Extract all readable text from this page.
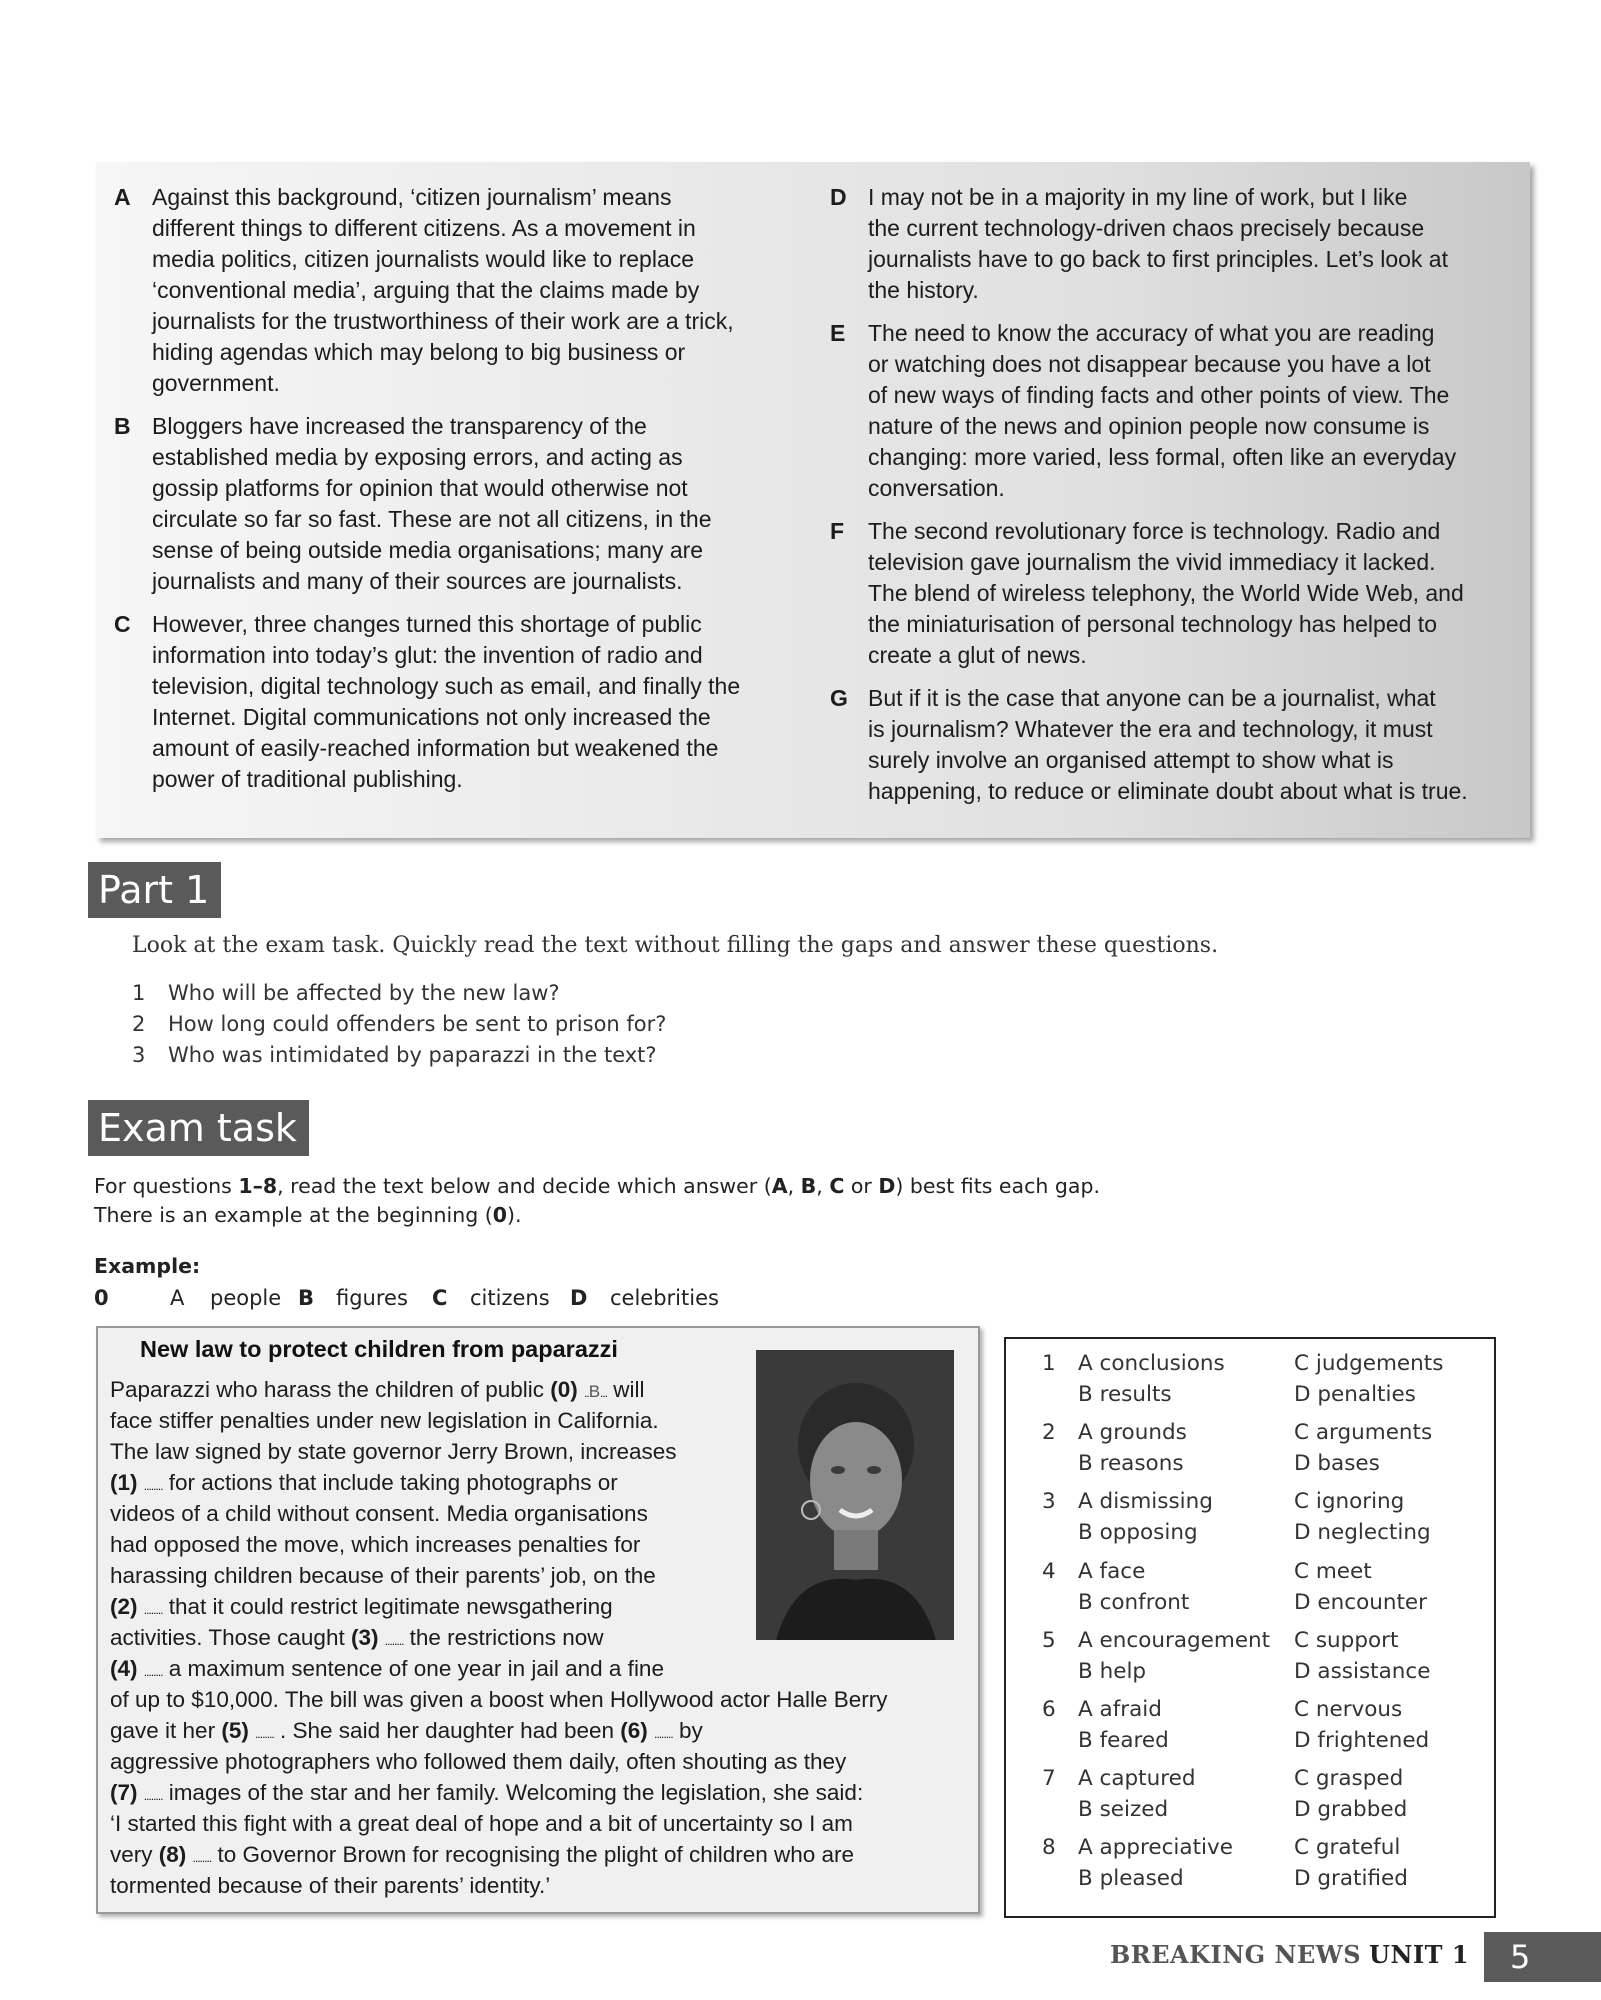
A Against this background, ‘citizen journalism’ means
different things to different citizens. As a movement in
media politics, citizen journalists would like to replace
‘conventional media’, arguing that the claims made by
journalists for the trustworthiness of their work are a trick,
hiding agendas which may belong to big business or
government.
B Bloggers have increased the transparency of the
established media by exposing errors, and acting as
gossip platforms for opinion that would otherwise not
circulate so far so fast. These are not all citizens, in the
sense of being outside media organisations; many are
journalists and many of their sources are journalists.
C However, three changes turned this shortage of public
information into today’s glut: the invention of radio and
television, digital technology such as email, and finally the
Internet. Digital communications not only increased the
amount of easily-reached information but weakened the
power of traditional publishing.
D I may not be in a majority in my line of work, but I like
the current technology-driven chaos precisely because
journalists have to go back to first principles. Let’s look at
the history.
E The need to know the accuracy of what you are reading
or watching does not disappear because you have a lot
of new ways of finding facts and other points of view. The
nature of the news and opinion people now consume is
changing: more varied, less formal, often like an everyday
conversation.
F The second revolutionary force is technology. Radio and
television gave journalism the vivid immediacy it lacked.
The blend of wireless telephony, the World Wide Web, and
the miniaturisation of personal technology has helped to
create a glut of news.
G But if it is the case that anyone can be a journalist, what
is journalism? Whatever the era and technology, it must
surely involve an organised attempt to show what is
happening, to reduce or eliminate doubt about what is true.
Part 1
Look at the exam task. Quickly read the text without filling the gaps and answer these questions.
1 Who will be affected by the new law?
2 How long could offenders be sent to prison for?
3 Who was intimidated by paparazzi in the text?
Exam task
For questions 1–8, read the text below and decide which answer (A, B, C or D) best fits each gap.
There is an example at the beginning (0).
Example:
0	A people B figures C citizens D celebrities
New law to protect children from paparazzi
Paparazzi who harass the children of public (0) ..B... will
face stiffer penalties under new legislation in California.
The law signed by state governor Jerry Brown, increases
(1) ........ for actions that include taking photographs or
videos of a child without consent. Media organisations
had opposed the move, which increases penalties for
harassing children because of their parents’ job, on the
(2) ........ that it could restrict legitimate newsgathering
activities. Those caught (3) ........ the restrictions now
(4) ........ a maximum sentence of one year in jail and a fine
of up to $10,000. The bill was given a boost when Hollywood actor Halle Berry
gave it her (5) ........ . She said her daughter had been (6) ........ by
aggressive photographers who followed them daily, often shouting as they
(7) ........ images of the star and her family. Welcoming the legislation, she said:
‘I started this fight with a great deal of hope and a bit of uncertainty so I am
very (8) ........ to Governor Brown for recognising the plight of children who are
tormented because of their parents’ identity.’
1 A conclusions
B results
C judgements
D penalties
2 A grounds
B reasons
C arguments
D bases
3 A dismissing
B opposing
C ignoring
D neglecting
4 A face
B confront
C meet
D encounter
5 A encouragement
B help
C support
D assistance
6 A afraid
B feared
C nervous
D frightened
7 A captured
B seized
C grasped
D grabbed
8 A appreciative
B pleased
C grateful
D gratified
BREAKING NEWS UNIT 1	5
